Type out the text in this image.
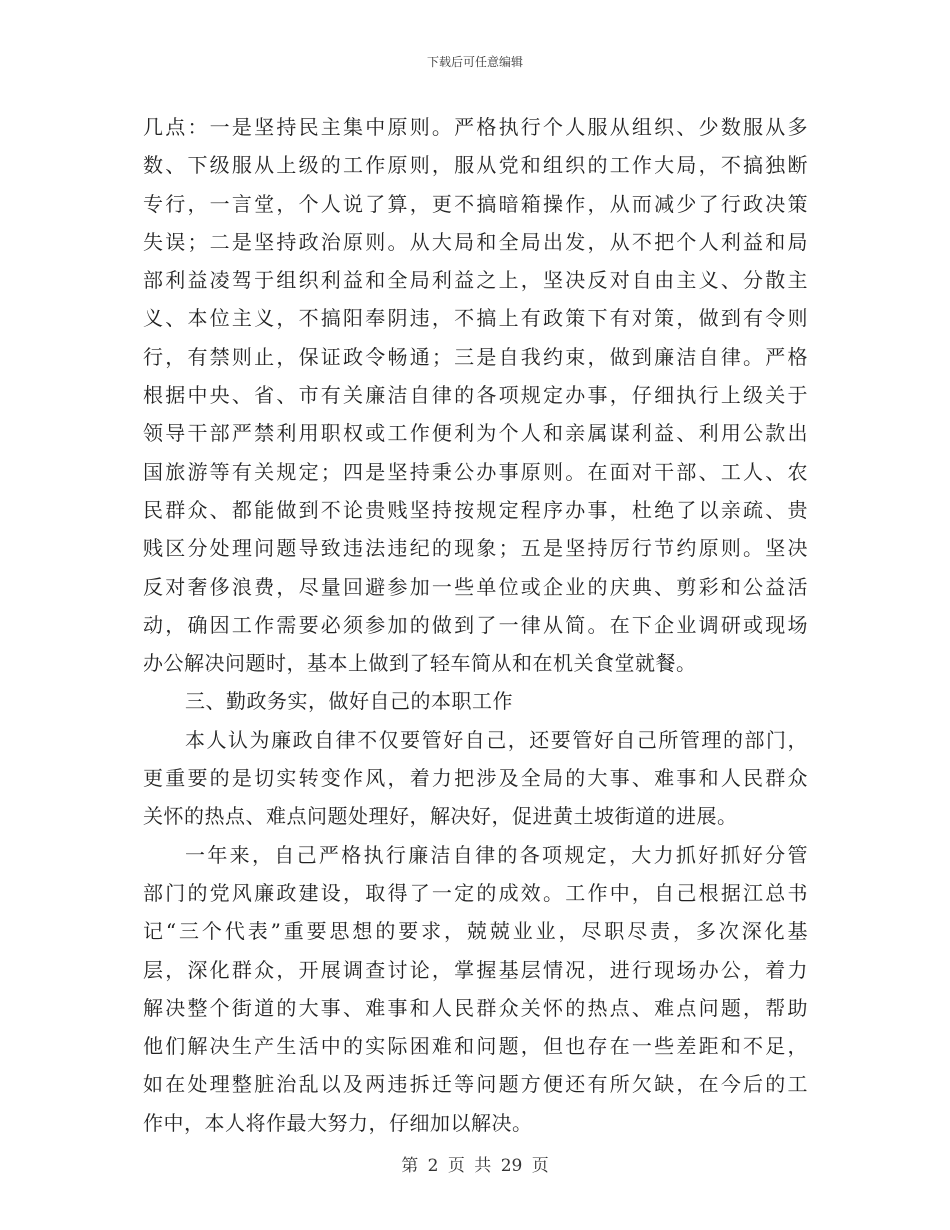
下载后可任意编辑
几点：一是坚持民主集中原则。严格执行个人服从组织、少数服从多
数、下级服从上级的工作原则，服从党和组织的工作大局，不搞独断
专行，一言堂，个人说了算，更不搞暗箱操作，从而减少了行政决策
失误；二是坚持政治原则。从大局和全局出发，从不把个人利益和局
部利益凌驾于组织利益和全局利益之上，坚决反对自由主义、分散主
义、本位主义，不搞阳奉阴违，不搞上有政策下有对策，做到有令则
行，有禁则止，保证政令畅通；三是自我约束，做到廉洁自律。严格
根据中央、省、市有关廉洁自律的各项规定办事，仔细执行上级关于
领导干部严禁利用职权或工作便利为个人和亲属谋利益、利用公款出
国旅游等有关规定；四是坚持秉公办事原则。在面对干部、工人、农
民群众、都能做到不论贵贱坚持按规定程序办事，杜绝了以亲疏、贵
贱区分处理问题导致违法违纪的现象；五是坚持厉行节约原则。坚决
反对奢侈浪费，尽量回避参加一些单位或企业的庆典、剪彩和公益活
动，确因工作需要必须参加的做到了一律从简。在下企业调研或现场
办公解决问题时，基本上做到了轻车简从和在机关食堂就餐。
三、勤政务实，做好自己的本职工作
本人认为廉政自律不仅要管好自己，还要管好自己所管理的部门，
更重要的是切实转变作风，着力把涉及全局的大事、难事和人民群众
关怀的热点、难点问题处理好，解决好，促进黄土坡街道的进展。
一年来，自己严格执行廉洁自律的各项规定，大力抓好抓好分管
部门的党风廉政建设，取得了一定的成效。工作中，自己根据江总书
记“三个代表”重要思想的要求，兢兢业业，尽职尽责，多次深化基
层，深化群众，开展调查讨论，掌握基层情况，进行现场办公，着力
解决整个街道的大事、难事和人民群众关怀的热点、难点问题，帮助
他们解决生产生活中的实际困难和问题，但也存在一些差距和不足，
如在处理整脏治乱以及两违拆迁等问题方便还有所欠缺，在今后的工
作中，本人将作最大努力，仔细加以解决。
第 2 页 共 29 页
